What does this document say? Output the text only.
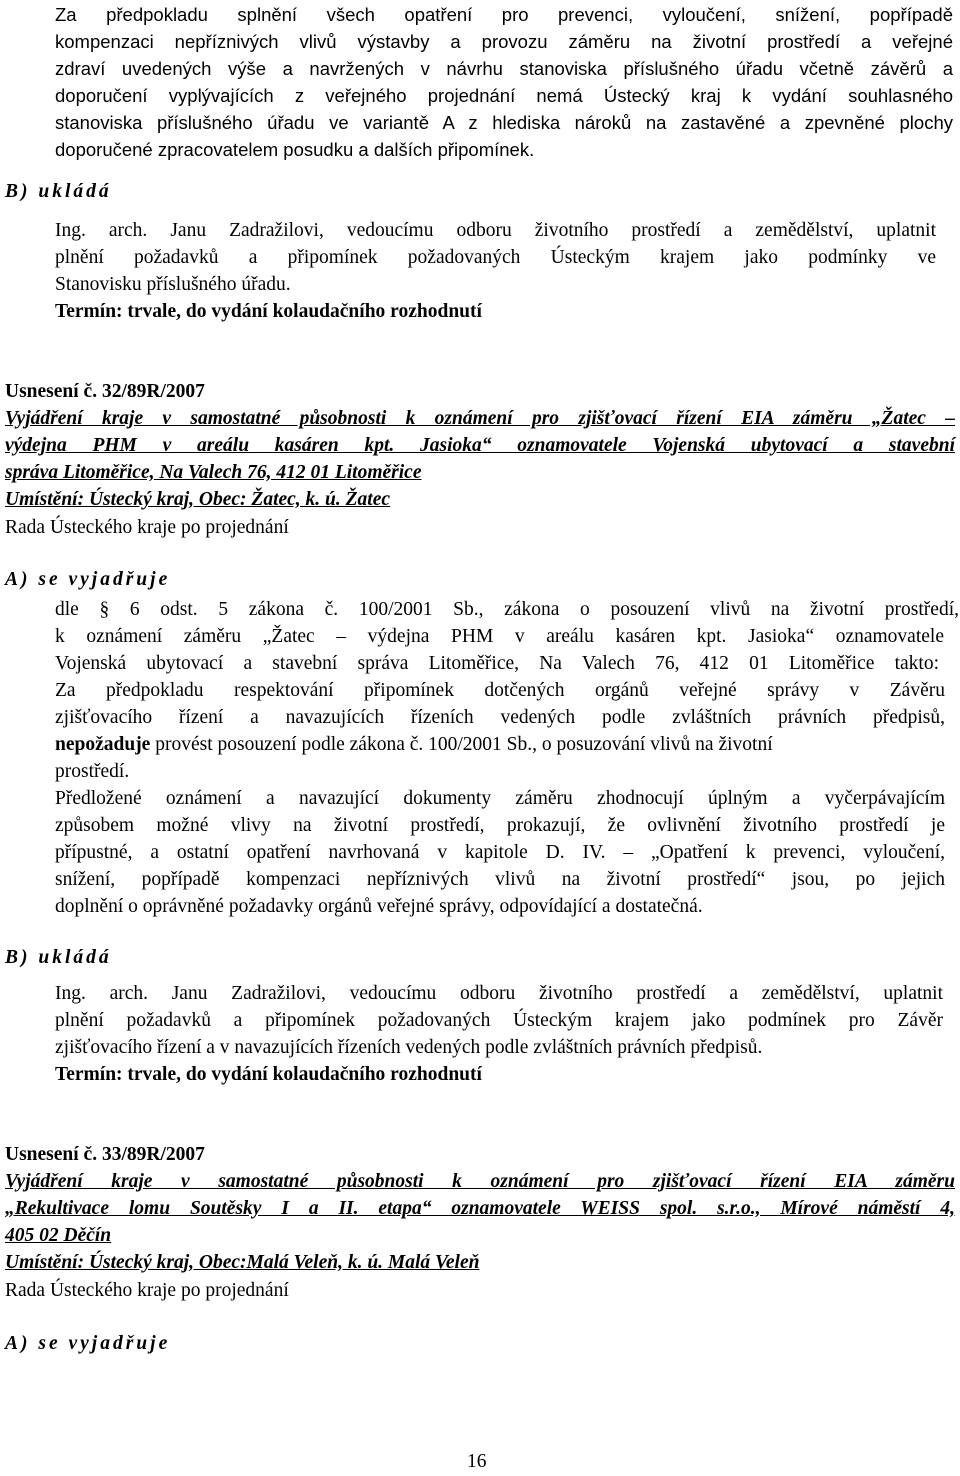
Za předpokladu splnění všech opatření pro prevenci, vyloučení, snížení, popřípadě
kompenzaci nepříznivých vlivů výstavby a provozu záměru na životní prostředí a veřejné
zdraví uvedených výše a navržených v návrhu stanoviska příslušného úřadu včetně závěrů a
doporučení vyplývajících z veřejného projednání nemá Ústecký kraj k vydání souhlasného
stanoviska příslušného úřadu ve variantě A z hlediska nároků na zastavěné a zpevněné plochy
doporučené zpracovatelem posudku a dalších připomínek.
B) ukládá
Ing. arch. Janu Zadražilovi, vedoucímu odboru životního prostředí a zemědělství, uplatnit
plnění požadavků a připomínek požadovaných Ústeckým krajem jako podmínky ve
Stanovisku příslušného úřadu.
Termín: trvale, do vydání kolaudačního rozhodnutí
Usnesení č. 32/89R/2007
Vyjádření kraje v samostatné působnosti k oznámení pro zjišťovací řízení EIA záměru „Žatec –
výdejna PHM v areálu kasáren kpt. Jasioka“ oznamovatele Vojenská ubytovací a stavební
správa Litoměřice, Na Valech 76, 412 01 Litoměřice
Umístění: Ústecký kraj, Obec: Žatec, k. ú. Žatec
Rada Ústeckého kraje po projednání
A) se vyjadřuje
dle § 6 odst. 5 zákona č. 100/2001 Sb., zákona o posouzení vlivů na životní prostředí,
k oznámení záměru „Žatec – výdejna PHM v areálu kasáren kpt. Jasioka“ oznamovatele
Vojenská ubytovací a stavební správa Litoměřice, Na Valech 76, 412 01 Litoměřice takto:
Za předpokladu respektování připomínek dotčených orgánů veřejné správy v Závěru
zjišťovacího řízení a navazujících řízeních vedených podle zvláštních právních předpisů,
nepožaduje provést posouzení podle zákona č. 100/2001 Sb., o posuzování vlivů na životní
prostředí.
Předložené oznámení a navazující dokumenty záměru zhodnocují úplným a vyčerpávajícím
způsobem možné vlivy na životní prostředí, prokazují, že ovlivnění životního prostředí je
přípustné, a ostatní opatření navrhovaná v kapitole D. IV. – „Opatření k prevenci, vyloučení,
snížení, popřípadě kompenzaci nepříznivých vlivů na životní prostředí“ jsou, po jejich
doplnění o oprávněné požadavky orgánů veřejné správy, odpovídající a dostatečná.
B) ukládá
Ing. arch. Janu Zadražilovi, vedoucímu odboru životního prostředí a zemědělství, uplatnit
plnění požadavků a připomínek požadovaných Ústeckým krajem jako podmínek pro Závěr
zjišťovacího řízení a v navazujících řízeních vedených podle zvláštních právních předpisů.
Termín: trvale, do vydání kolaudačního rozhodnutí
Usnesení č. 33/89R/2007
Vyjádření kraje v samostatné působnosti k oznámení pro zjišťovací řízení EIA záměru
„Rekultivace lomu Soutěsky I a II. etapa“ oznamovatele WEISS spol. s.r.o., Mírové náměstí 4,
405 02 Děčín
Umístění: Ústecký kraj, Obec:Malá Veleň, k. ú. Malá Veleň
Rada Ústeckého kraje po projednání
A) se vyjadřuje
16
